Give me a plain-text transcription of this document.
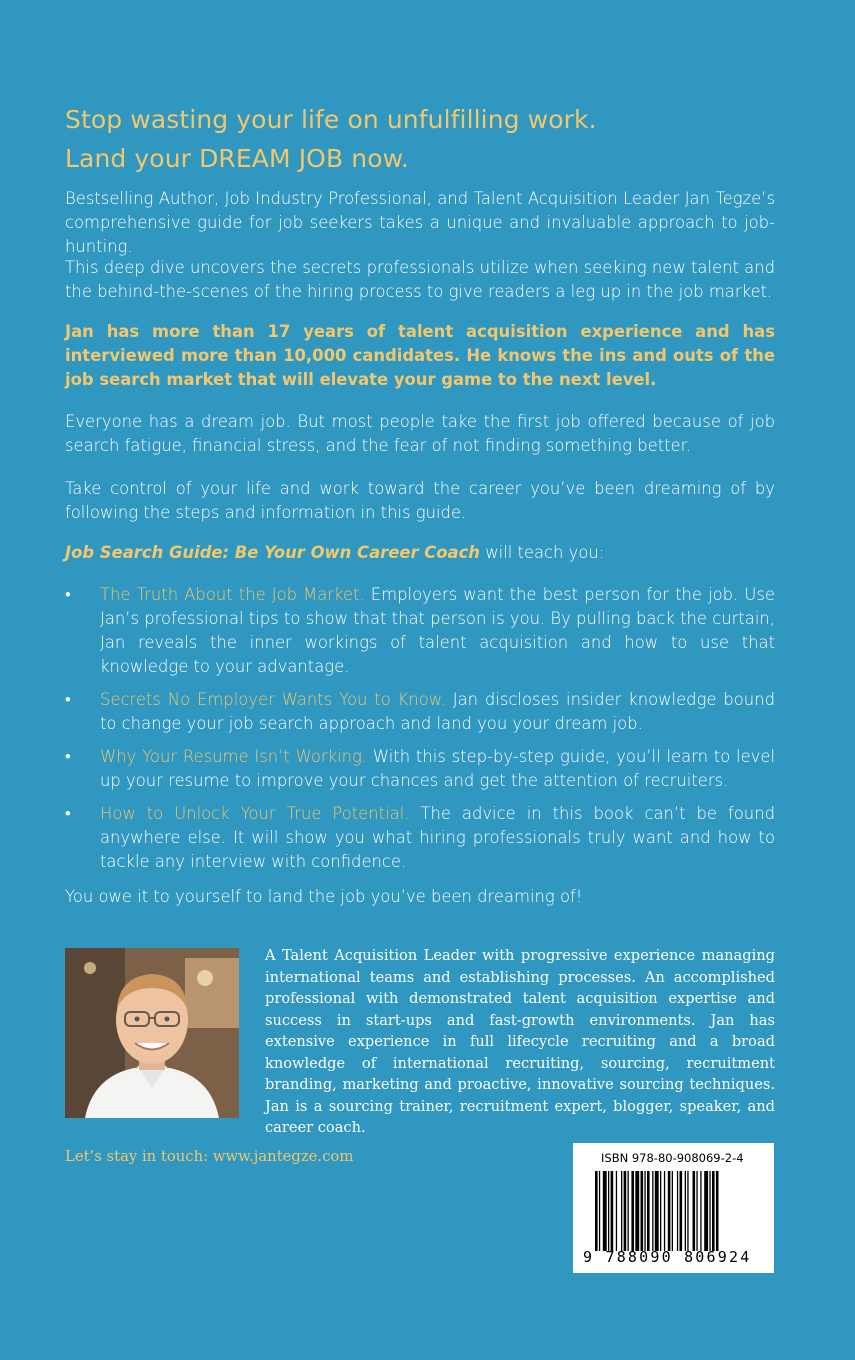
Stop wasting your life on unfulfilling work.
Land your DREAM JOB now.

Bestselling Author, Job Industry Professional, and Talent Acquisition Leader Jan Tegze’s comprehensive guide for job seekers takes a unique and invaluable approach to job-hunting.

This deep dive uncovers the secrets professionals utilize when seeking new talent and the behind-the-scenes of the hiring process to give readers a leg up in the job market.

Jan has more than 17 years of talent acquisition experience and has interviewed more than 10,000 candidates. He knows the ins and outs of the job search market that will elevate your game to the next level.

Everyone has a dream job. But most people take the first job offered because of job search fatigue, financial stress, and the fear of not finding something better.

Take control of your life and work toward the career you’ve been dreaming of by following the steps and information in this guide.

Job Search Guide: Be Your Own Career Coach will teach you:

• The Truth About the Job Market. Employers want the best person for the job. Use Jan’s professional tips to show that that person is you. By pulling back the curtain, Jan reveals the inner workings of talent acquisition and how to use that knowledge to your advantage.
• Secrets No Employer Wants You to Know. Jan discloses insider knowledge bound to change your job search approach and land you your dream job.
• Why Your Resume Isn’t Working. With this step-by-step guide, you’ll learn to level up your resume to improve your chances and get the attention of recruiters.
• How to Unlock Your True Potential. The advice in this book can’t be found anywhere else. It will show you what hiring professionals truly want and how to tackle any interview with confidence.

You owe it to yourself to land the job you’ve been dreaming of!

A Talent Acquisition Leader with progressive experience managing international teams and establishing processes. An accomplished professional with demonstrated talent acquisition expertise and success in start-ups and fast-growth environments. Jan has extensive experience in full lifecycle recruiting and a broad knowledge of international recruiting, sourcing, recruitment branding, marketing and proactive, innovative sourcing techniques. Jan is a sourcing trainer, recruitment expert, blogger, speaker, and career coach.

Let’s stay in touch: www.jantegze.com	ISBN 978-80-908069-2-4
9 788090 806924
